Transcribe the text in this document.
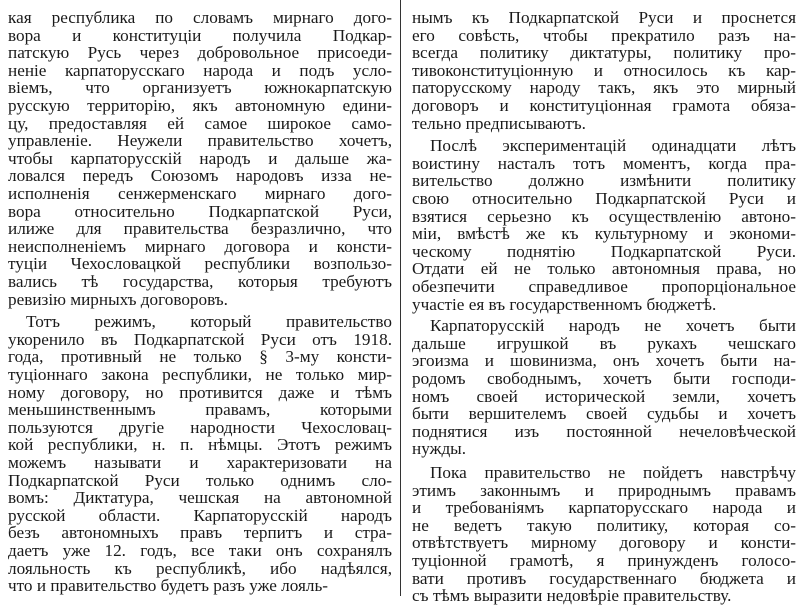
кая республика по словамъ мирнаго дого-
вора и конституціи получила Подкар-
патскую Русь через добровольное присоеди-
неніе карпаторусскаго народа и подъ усло-
віемъ, что организуетъ южнокарпатскую
русскую территорію, якъ автономную едини-
цу, предоставляя ей самое широкое само-
управленіе. Неужели правительство хочетъ,
чтобы карпаторусскій народъ и дальше жа-
ловался передъ Союзомъ народовъ изза не-
исполненія сенжерменскаго мирнаго дого-
вора относительно Подкарпатской Руси,
илиже для правительства безразлично, что
неисполненіемъ мирнаго договора и консти-
туціи Чехословацкой республики возпользо-
вались тѣ государства, которыя требуютъ
ревизію мирныхъ договоровъ.
Тотъ режимъ, который правительство
укоренило въ Подкарпатской Руси отъ 1918.
года, противный не только § 3-му консти-
туціоннаго закона республики, не только мир-
ному договору, но противится даже и тѣмъ
меньшинственнымъ правамъ, которыми
пользуются другіе народности Чехословац-
кой республики, н. п. нѣмцы. Этотъ режимъ
можемъ называти и характеризовати на
Подкарпатской Руси только однимъ сло-
вомъ: Диктатура, чешская на автономной
русской области. Карпаторусскій народъ
безъ автономныхъ правъ терпитъ и стра-
даетъ уже 12. годъ, все таки онъ сохранялъ
лояльность къ республикѣ, ибо надѣялся,
что и правительство будетъ разъ уже лояль-
нымъ къ Подкарпатской Руси и проснется
его совѣсть, чтобы прекратило разъ на-
всегда политику диктатуры, политику про-
тивоконституціонную и относилось къ кар-
паторусскому народу такъ, якъ это мирный
договоръ и конституціонная грамота обяза-
тельно предписываютъ.
Послѣ экспериментацій одинадцати лѣтъ
воистину насталъ тотъ моментъ, когда пра-
вительство должно измѣнити политику
свою относительно Подкарпатской Руси и
взятися серьезно къ осуществленію автоно-
міи, вмѣстѣ же къ культурному и экономи-
ческому поднятію Подкарпатской Руси.
Отдати ей не только автономныя права, но
обезпечити справедливое пропорціональное
участіе ея въ государственномъ бюджетѣ.
Карпаторусскій народъ не хочетъ быти
дальше игрушкой въ рукахъ чешскаго
эгоизма и шовинизма, онъ хочетъ быти на-
родомъ свободнымъ, хочетъ быти господи-
номъ своей исторической земли, хочетъ
быти вершителемъ своей судьбы и хочетъ
поднятися изъ постоянной нечеловѣческой
нужды.
Пока правительство не пойдетъ навстрѣчу
этимъ законнымъ и природнымъ правамъ
и требованіямъ карпаторусскаго народа и
не ведетъ такую политику, которая со-
отвѣтствуетъ мирному договору и консти-
туціонной грамотѣ, я принужденъ голосо-
вати противъ государственнаго бюджета и
съ тѣмъ выразити недовѣріе правительству.
